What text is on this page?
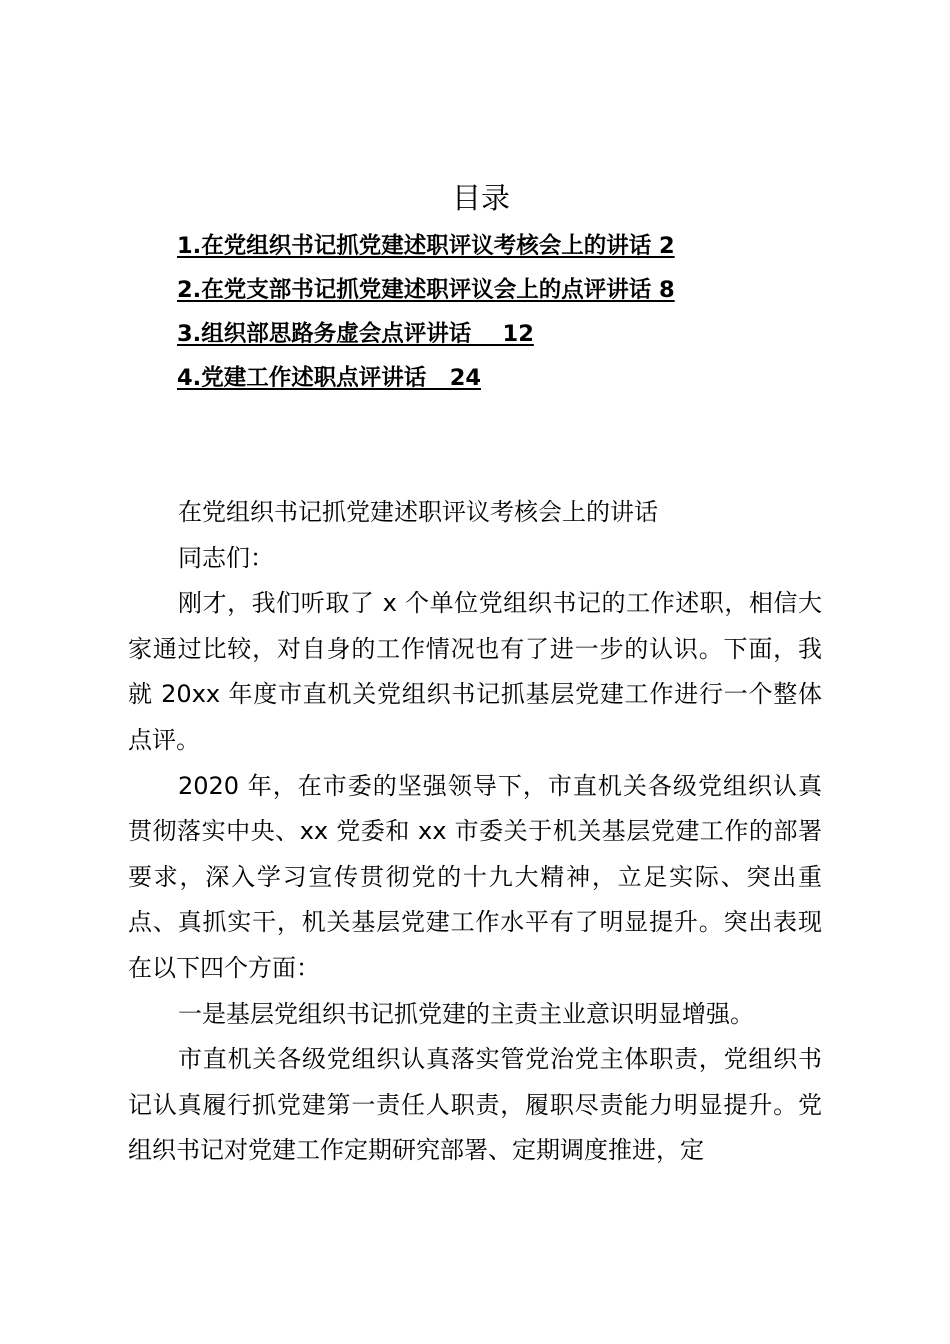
目录
1.在党组织书记抓党建述职评议考核会上的讲话 2
2.在党支部书记抓党建述职评议会上的点评讲话 8
3.组织部思路务虚会点评讲话    12
4.党建工作述职点评讲话   24

在党组织书记抓党建述职评议考核会上的讲话

同志们：

刚才，我们听取了 x 个单位党组织书记的工作述职，相信大家通过比较，对自身的工作情况也有了进一步的认识。下面，我就 20xx 年度市直机关党组织书记抓基层党建工作进行一个整体点评。

2020 年，在市委的坚强领导下，市直机关各级党组织认真贯彻落实中央、xx 党委和 xx 市委关于机关基层党建工作的部署要求，深入学习宣传贯彻党的十九大精神，立足实际、突出重点、真抓实干，机关基层党建工作水平有了明显提升。突出表现在以下四个方面：

一是基层党组织书记抓党建的主责主业意识明显增强。

市直机关各级党组织认真落实管党治党主体职责，党组织书记认真履行抓党建第一责任人职责，履职尽责能力明显提升。党组织书记对党建工作定期研究部署、定期调度推进，定
